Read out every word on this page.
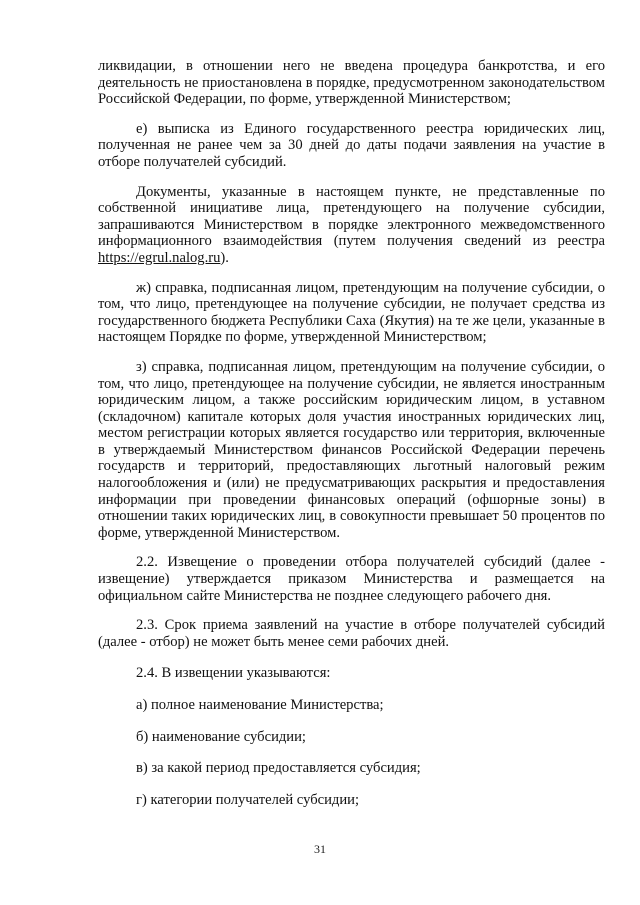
ликвидации, в отношении него не введена процедура банкротства, и его деятельность не приостановлена в порядке, предусмотренном законодательством Российской Федерации, по форме, утвержденной Министерством;

е) выписка из Единого государственного реестра юридических лиц, полученная не ранее чем за 30 дней до даты подачи заявления на участие в отборе получателей субсидий.

Документы, указанные в настоящем пункте, не представленные по собственной инициативе лица, претендующего на получение субсидии, запрашиваются Министерством в порядке электронного межведомственного информационного взаимодействия (путем получения сведений из реестра https://egrul.nalog.ru).

ж) справка, подписанная лицом, претендующим на получение субсидии, о том, что лицо, претендующее на получение субсидии, не получает средства из государственного бюджета Республики Саха (Якутия) на те же цели, указанные в настоящем Порядке по форме, утвержденной Министерством;

з) справка, подписанная лицом, претендующим на получение субсидии, о том, что лицо, претендующее на получение субсидии, не является иностранным юридическим лицом, а также российским юридическим лицом, в уставном (складочном) капитале которых доля участия иностранных юридических лиц, местом регистрации которых является государство или территория, включенные в утверждаемый Министерством финансов Российской Федерации перечень государств и территорий, предоставляющих льготный налоговый режим налогообложения и (или) не предусматривающих раскрытия и предоставления информации при проведении финансовых операций (офшорные зоны) в отношении таких юридических лиц, в совокупности превышает 50 процентов по форме, утвержденной Министерством.

2.2. Извещение о проведении отбора получателей субсидий (далее - извещение) утверждается приказом Министерства и размещается на официальном сайте Министерства не позднее следующего рабочего дня.

2.3. Срок приема заявлений на участие в отборе получателей субсидий (далее - отбор) не может быть менее семи рабочих дней.

2.4. В извещении указываются:

а) полное наименование Министерства;

б) наименование субсидии;

в) за какой период предоставляется субсидия;

г) категории получателей субсидии;

31
